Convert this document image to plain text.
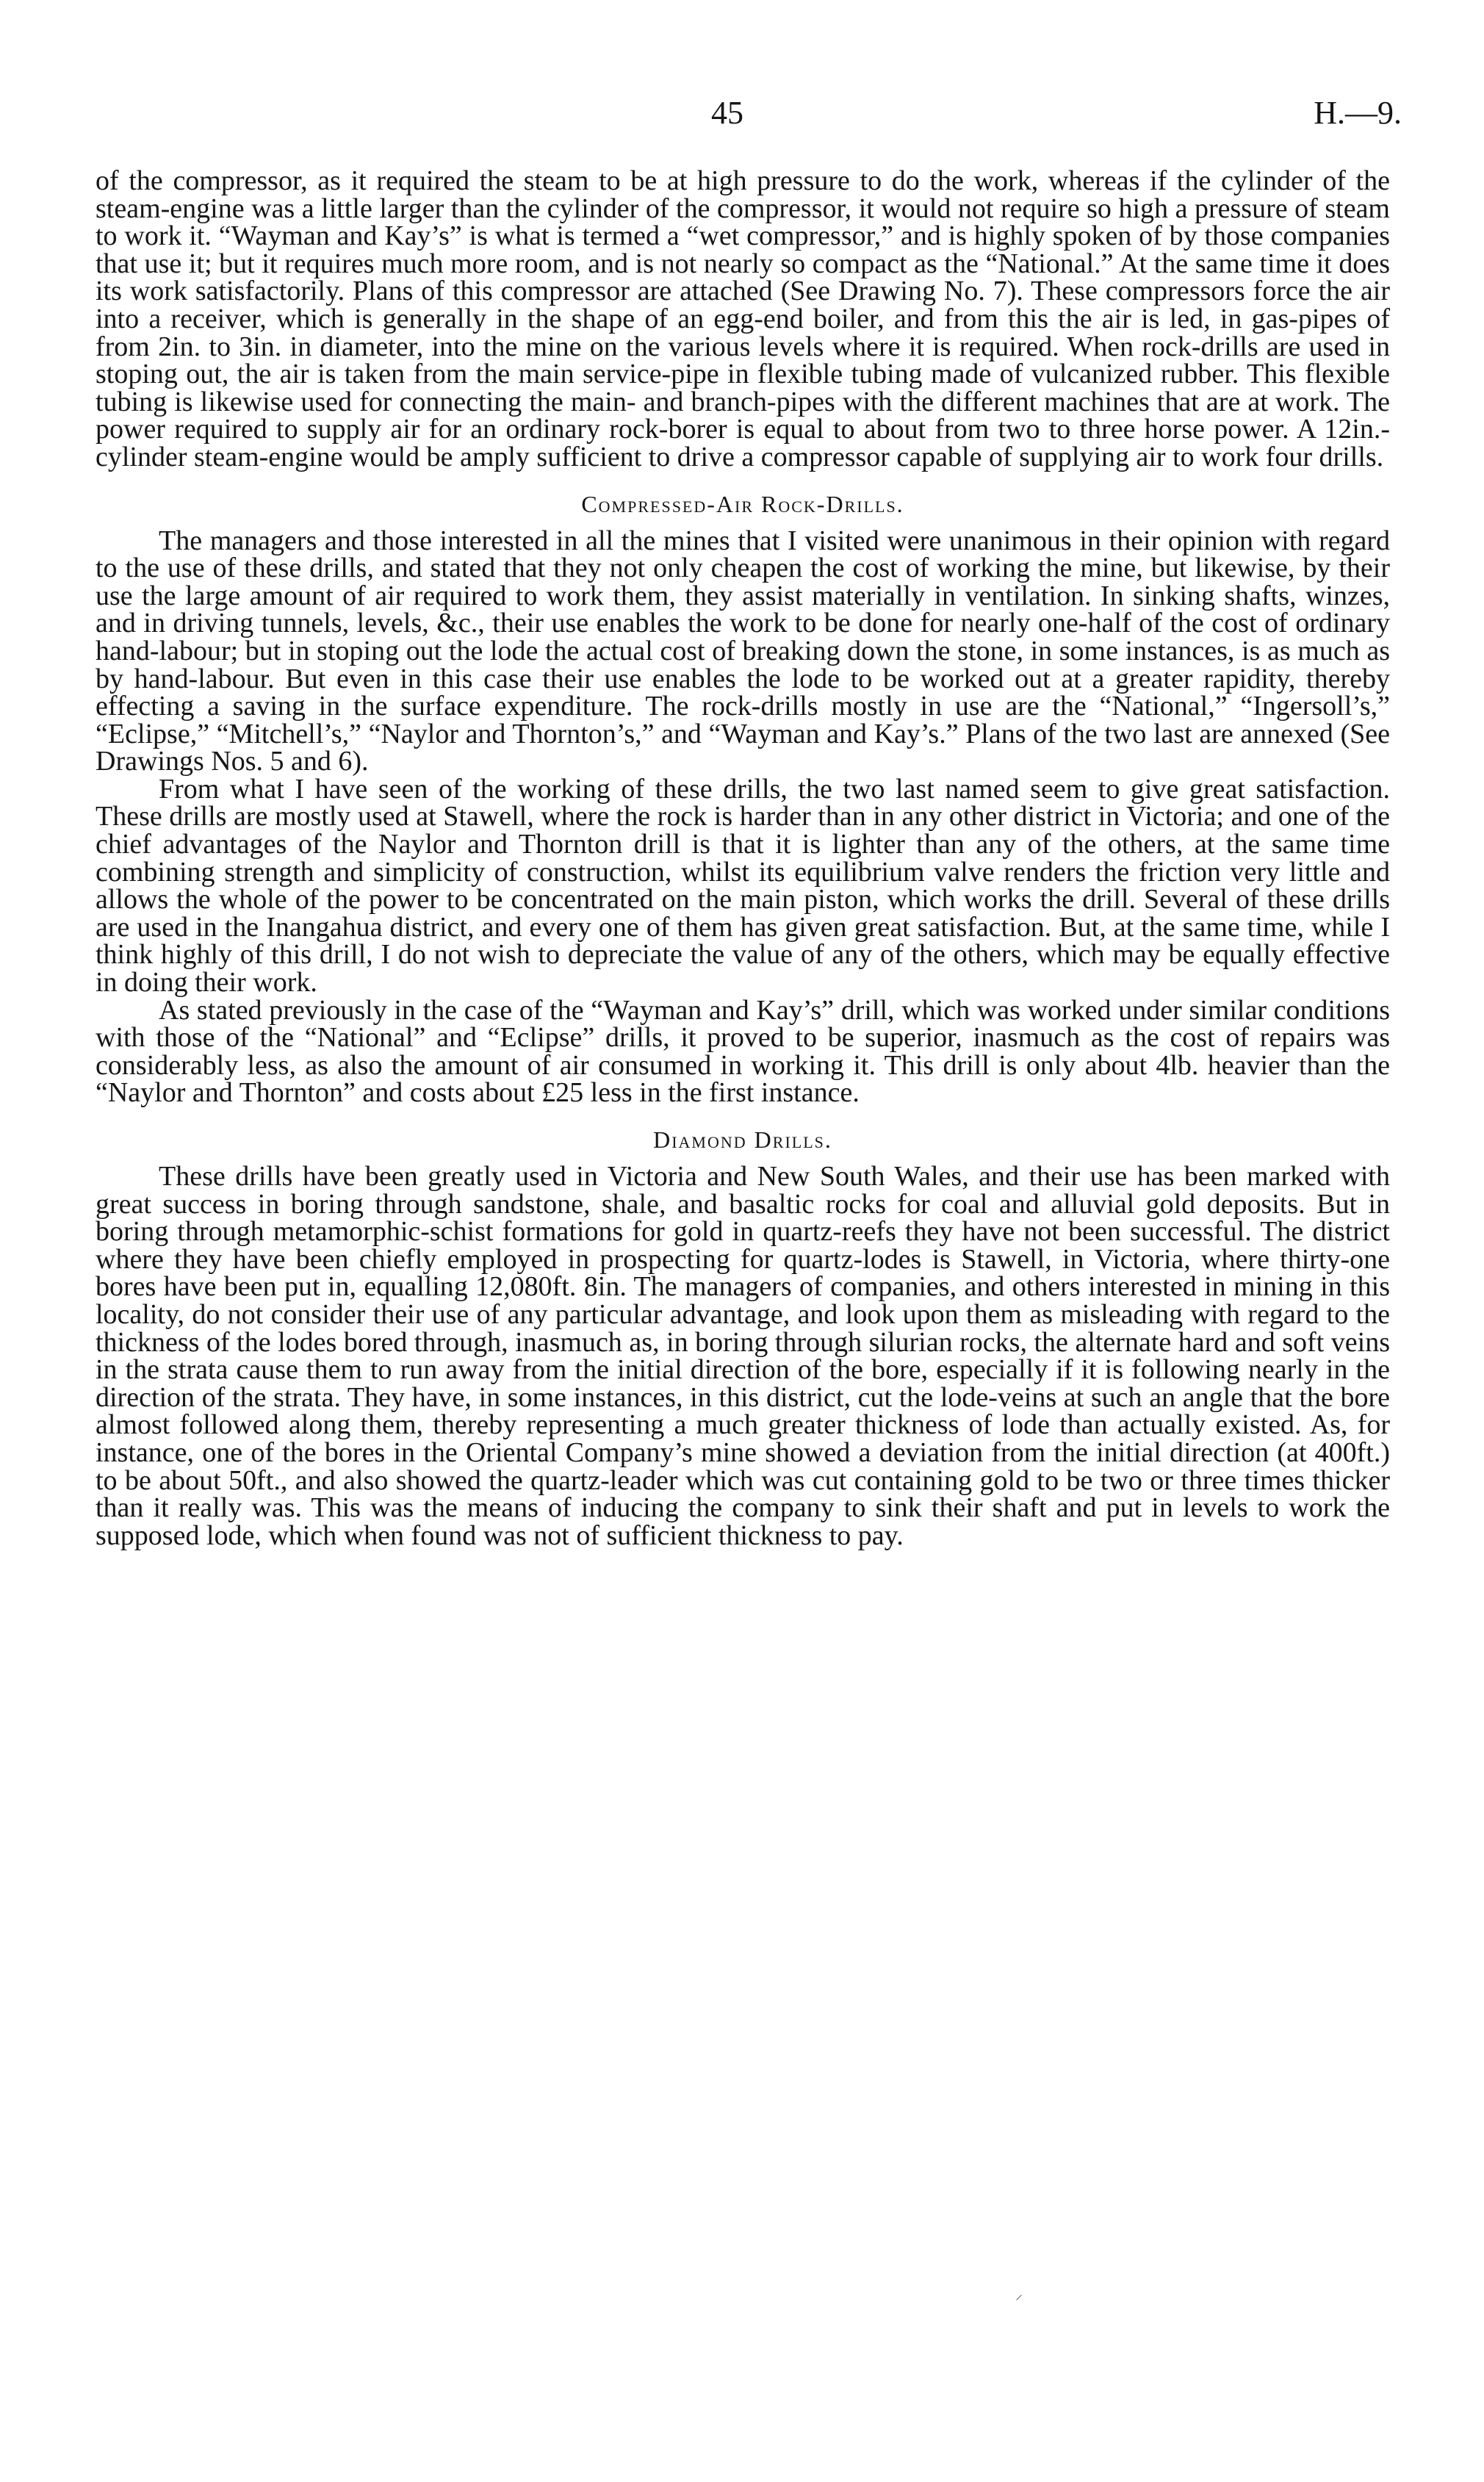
45	H.—9.

of the compressor, as it required the steam to be at high pressure to do the work, whereas if the cylinder of the steam-engine was a little larger than the cylinder of the compressor, it would not require so high a pressure of steam to work it. “Wayman and Kay’s” is what is termed a “wet compressor,” and is highly spoken of by those companies that use it; but it requires much more room, and is not nearly so compact as the “National.” At the same time it does its work satisfactorily. Plans of this compressor are attached (See Drawing No. 7). These compressors force the air into a receiver, which is generally in the shape of an egg-end boiler, and from this the air is led, in gas-pipes of from 2in. to 3in. in diameter, into the mine on the various levels where it is required. When rock-drills are used in stoping out, the air is taken from the main service-pipe in flexible tubing made of vulcanized rubber. This flexible tubing is likewise used for connecting the main- and branch-pipes with the different machines that are at work. The power required to supply air for an ordinary rock-borer is equal to about from two to three horse power. A 12in.-cylinder steam-engine would be amply sufficient to drive a compressor capable of supplying air to work four drills.

Compressed-Air Rock-Drills.

The managers and those interested in all the mines that I visited were unanimous in their opinion with regard to the use of these drills, and stated that they not only cheapen the cost of working the mine, but likewise, by their use the large amount of air required to work them, they assist materially in ventilation. In sinking shafts, winzes, and in driving tunnels, levels, &c., their use enables the work to be done for nearly one-half of the cost of ordinary hand-labour; but in stoping out the lode the actual cost of breaking down the stone, in some instances, is as much as by hand-labour. But even in this case their use enables the lode to be worked out at a greater rapidity, thereby effecting a saving in the surface expenditure. The rock-drills mostly in use are the “National,” “Ingersoll’s,” “Eclipse,” “Mitchell’s,” “Naylor and Thornton’s,” and “Wayman and Kay’s.” Plans of the two last are annexed (See Drawings Nos. 5 and 6).

From what I have seen of the working of these drills, the two last named seem to give great satisfaction. These drills are mostly used at Stawell, where the rock is harder than in any other district in Victoria; and one of the chief advantages of the Naylor and Thornton drill is that it is lighter than any of the others, at the same time combining strength and simplicity of construction, whilst its equilibrium valve renders the friction very little and allows the whole of the power to be concentrated on the main piston, which works the drill. Several of these drills are used in the Inangahua district, and every one of them has given great satisfaction. But, at the same time, while I think highly of this drill, I do not wish to depreciate the value of any of the others, which may be equally effective in doing their work.

As stated previously in the case of the “Wayman and Kay’s” drill, which was worked under similar conditions with those of the “National” and “Eclipse” drills, it proved to be superior, inasmuch as the cost of repairs was considerably less, as also the amount of air consumed in working it. This drill is only about 4lb. heavier than the “Naylor and Thornton” and costs about £25 less in the first instance.

Diamond Drills.

These drills have been greatly used in Victoria and New South Wales, and their use has been marked with great success in boring through sandstone, shale, and basaltic rocks for coal and alluvial gold deposits. But in boring through metamorphic-schist formations for gold in quartz-reefs they have not been successful. The district where they have been chiefly employed in prospecting for quartz-lodes is Stawell, in Victoria, where thirty-one bores have been put in, equalling 12,080ft. 8in. The managers of companies, and others interested in mining in this locality, do not consider their use of any particular advantage, and look upon them as misleading with regard to the thickness of the lodes bored through, inasmuch as, in boring through silurian rocks, the alternate hard and soft veins in the strata cause them to run away from the initial direction of the bore, especially if it is following nearly in the direction of the strata. They have, in some instances, in this district, cut the lode-veins at such an angle that the bore almost followed along them, thereby representing a much greater thickness of lode than actually existed. As, for instance, one of the bores in the Oriental Company’s mine showed a deviation from the initial direction (at 400ft.) to be about 50ft., and also showed the quartz-leader which was cut containing gold to be two or three times thicker than it really was. This was the means of inducing the company to sink their shaft and put in levels to work the supposed lode, which when found was not of sufficient thickness to pay.

⸝
